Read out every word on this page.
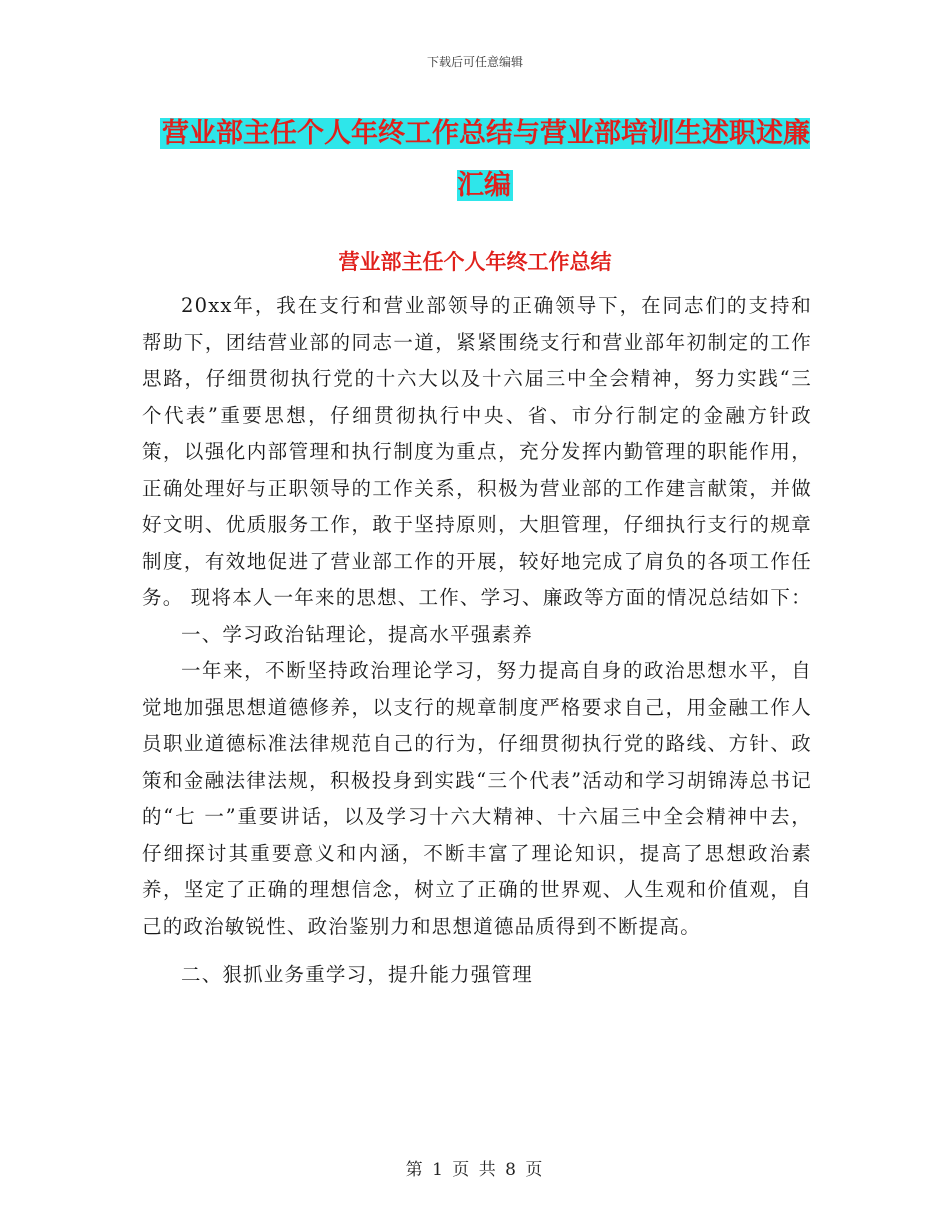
下载后可任意编辑
营业部主任个人年终工作总结与营业部培训生述职述廉汇编
营业部主任个人年终工作总结

20xx年，我在支行和营业部领导的正确领导下，在同志们的支持和帮助下，团结营业部的同志一道，紧紧围绕支行和营业部年初制定的工作思路，仔细贯彻执行党的十六大以及十六届三中全会精神，努力实践“三个代表”重要思想，仔细贯彻执行中央、省、市分行制定的金融方针政策，以强化内部管理和执行制度为重点，充分发挥内勤管理的职能作用，正确处理好与正职领导的工作关系，积极为营业部的工作建言献策，并做好文明、优质服务工作，敢于坚持原则，大胆管理，仔细执行支行的规章制度，有效地促进了营业部工作的开展，较好地完成了肩负的各项工作任务。 现将本人一年来的思想、工作、学习、廉政等方面的情况总结如下：

一、学习政治钻理论，提高水平强素养

一年来，不断坚持政治理论学习，努力提高自身的政治思想水平，自觉地加强思想道德修养，以支行的规章制度严格要求自己，用金融工作人员职业道德标准法律规范自己的行为，仔细贯彻执行党的路线、方针、政策和金融法律法规，积极投身到实践“三个代表”活动和学习胡锦涛总书记的“七 一”重要讲话，以及学习十六大精神、十六届三中全会精神中去，仔细探讨其重要意义和内涵，不断丰富了理论知识，提高了思想政治素养，坚定了正确的理想信念，树立了正确的世界观、人生观和价值观，自己的政治敏锐性、政治鉴别力和思想道德品质得到不断提高。

二、狠抓业务重学习，提升能力强管理

第 1 页 共 8 页
